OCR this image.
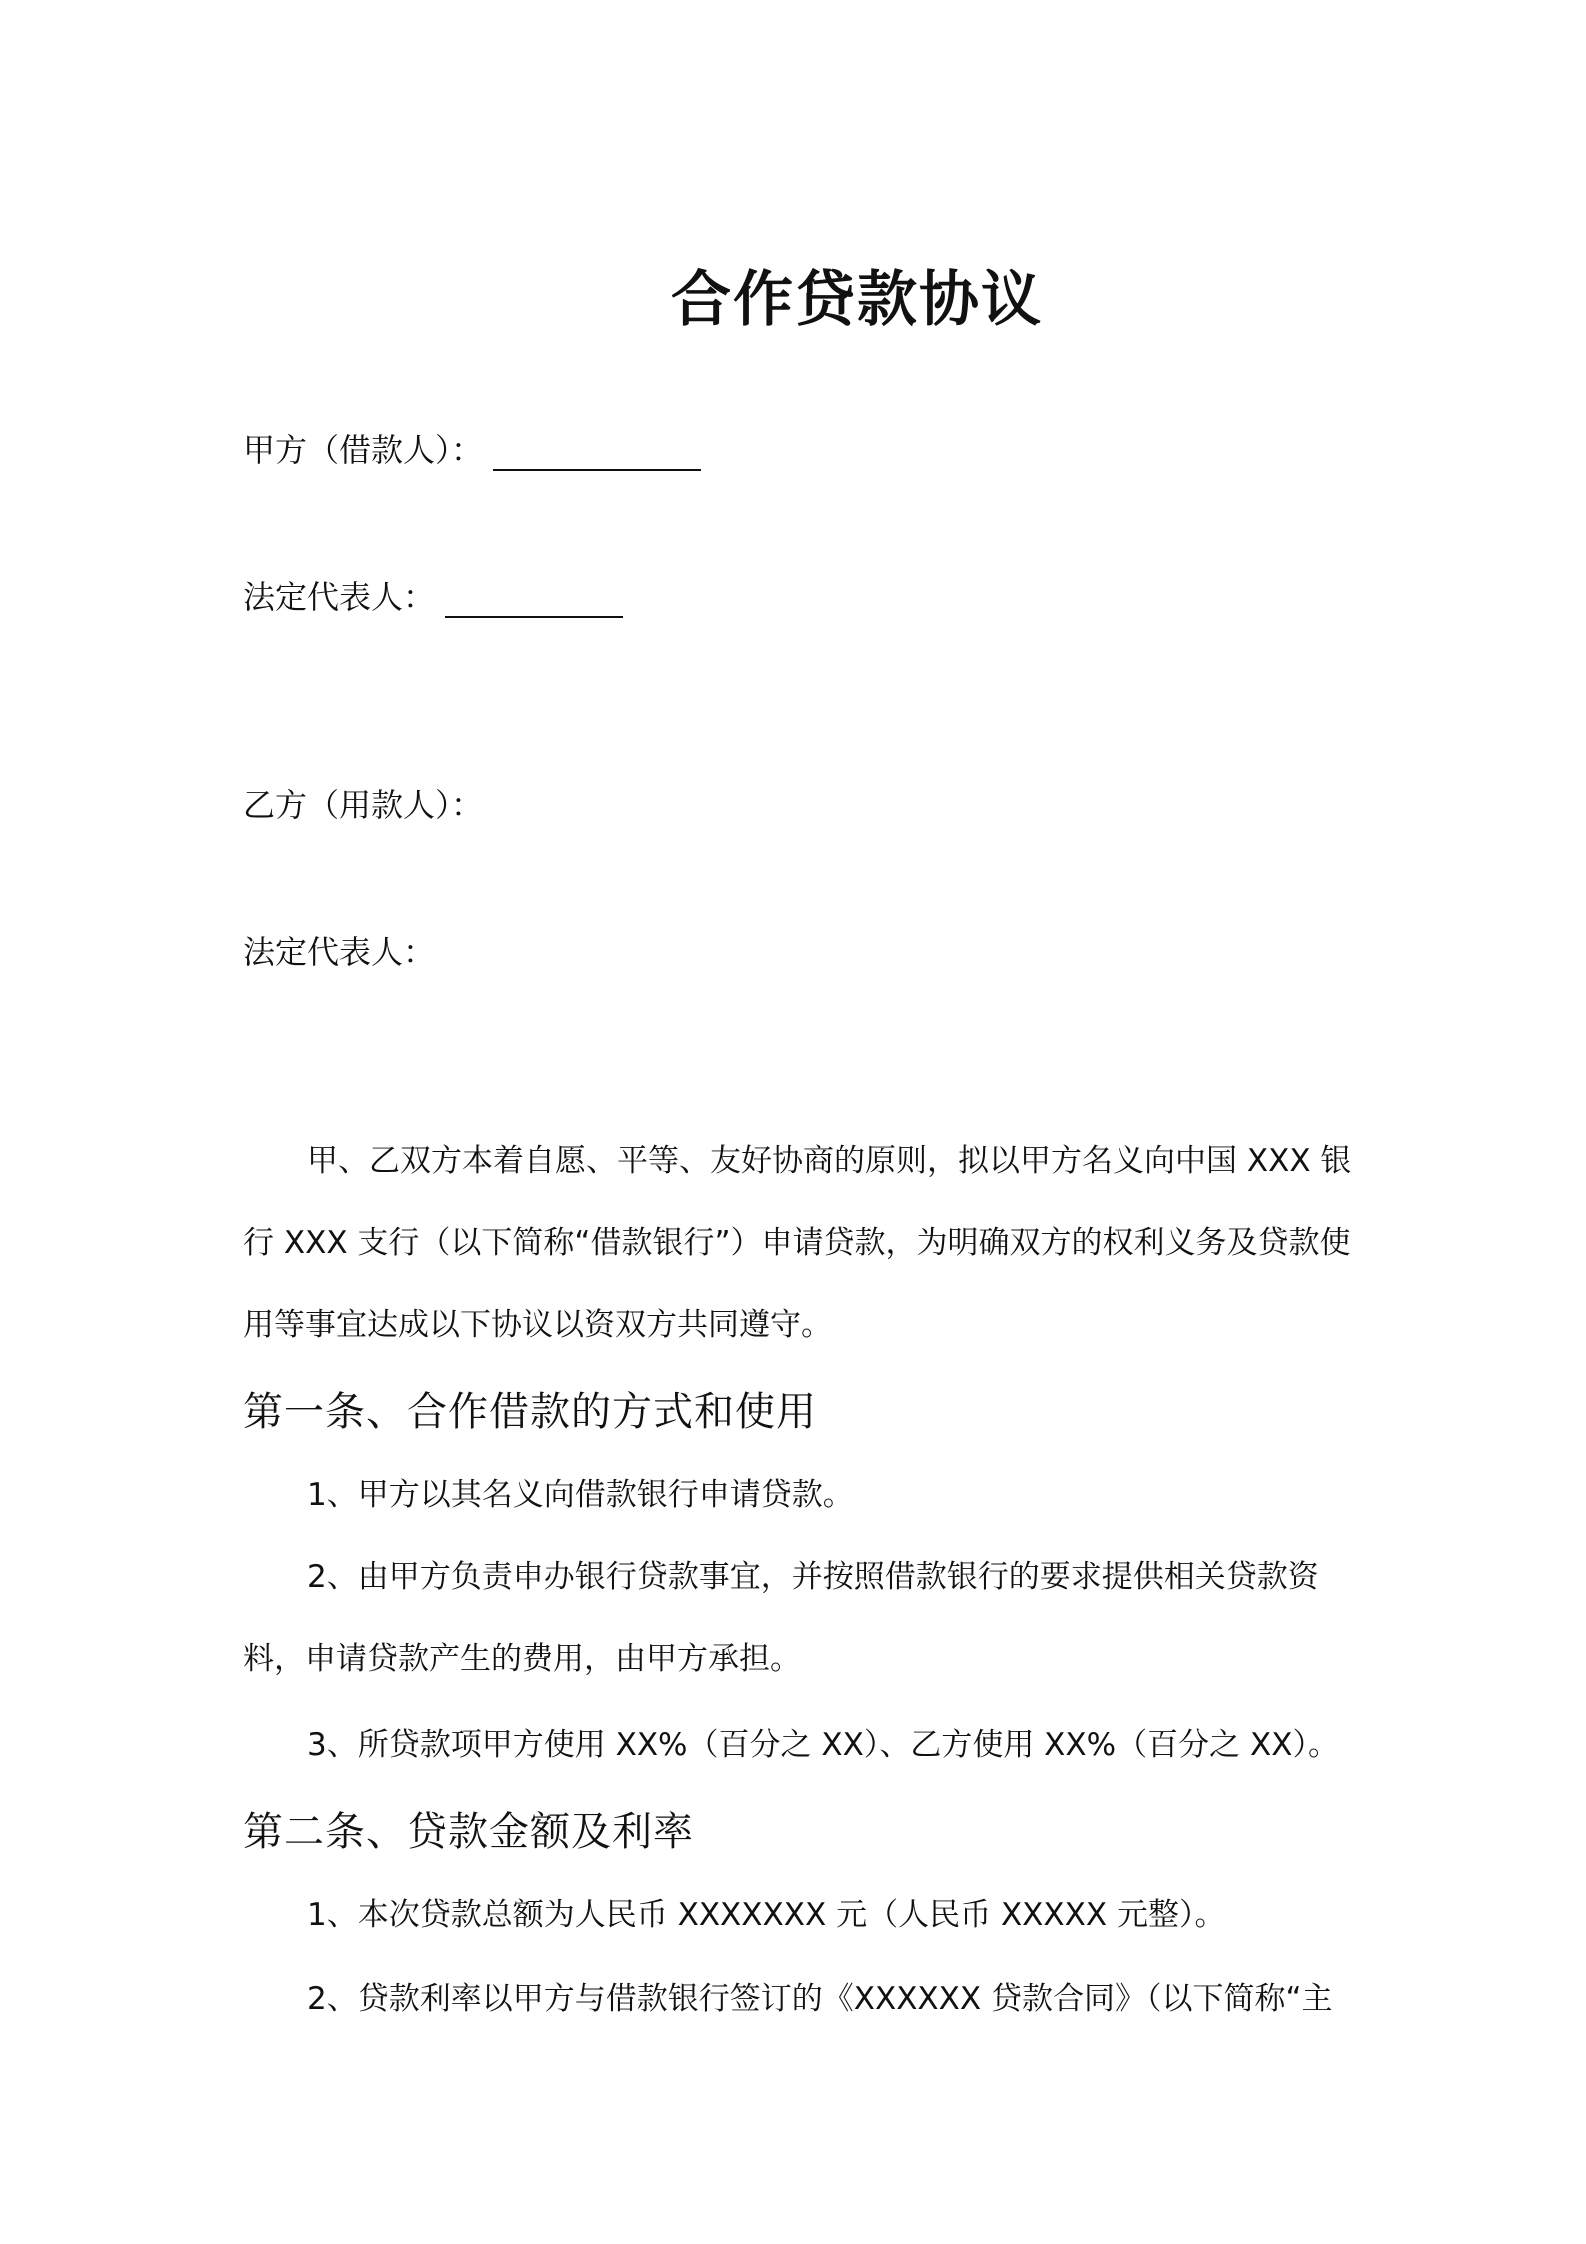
合作贷款协议
甲方（借款人）：
法定代表人：
乙方（用款人）：
法定代表人：
甲、乙双方本着自愿、平等、友好协商的原则，拟以甲方名义向中国 XXX 银行 XXX 支行（以下简称“借款银行”）申请贷款，为明确双方的权利义务及贷款使用等事宜达成以下协议以资双方共同遵守。
第一条、合作借款的方式和使用
1、甲方以其名义向借款银行申请贷款。
2、由甲方负责申办银行贷款事宜，并按照借款银行的要求提供相关贷款资料，申请贷款产生的费用，由甲方承担。
3、所贷款项甲方使用 XX%（百分之 XX）、乙方使用 XX%（百分之 XX）。
第二条、贷款金额及利率
1、本次贷款总额为人民币 XXXXXXX 元（人民币 XXXXX 元整）。
2、贷款利率以甲方与借款银行签订的《XXXXXX 贷款合同》（以下简称“主
